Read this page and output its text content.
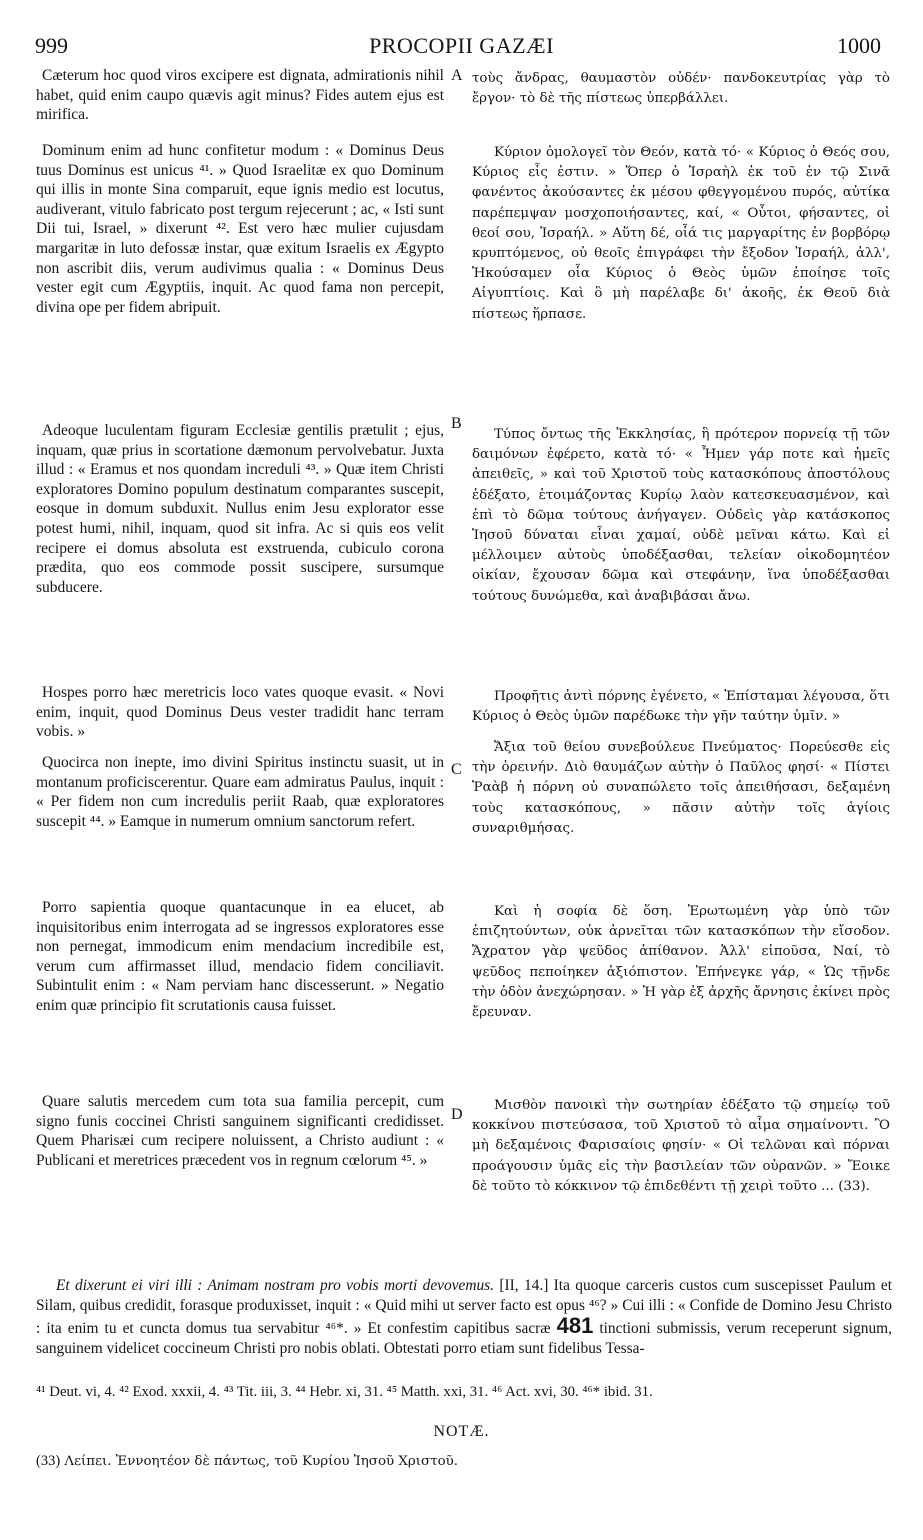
999	PROCOPII GAZÆI	1000
Cæterum hoc quod viros excipere est dignata, admirationis nihil habet, quid enim caupo quævis agit minus? Fides autem ejus est mirifica.
A τοὺς ἄνδρας, θαυμαστὸν οὐδέν· πανδοκευτρίας γὰρ τὸ ἔργον· τὸ δὲ τῆς πίστεως ὑπερβάλλει.
Dominum enim ad hunc confitetur modum : « Dominus Deus tuus Dominus est unicus ⁴¹. » Quod Israelitæ ex quo Dominum qui illis in monte Sina comparuit, eque ignis medio est locutus, audiverant, vitulo fabricato post tergum rejecerunt ; ac, « Isti sunt Dii tui, Israel, » dixerunt ⁴². Est vero hæc mulier cujusdam margaritæ in luto defossæ instar, quæ exitum Israelis ex Ægypto non ascribit diis, verum audivimus qualia : « Dominus Deus vester egit cum Ægyptiis, inquit. Ac quod fama non percepit, divina ope per fidem abripuit.
Κύριον ὁμολογεῖ τὸν Θεόν, κατὰ τό· « Κύριος ὁ Θεός σου, Κύριος εἷς ἐστιν. » Ὅπερ ὁ Ἰσραὴλ ἐκ τοῦ ἐν τῷ Σινᾶ φανέντος ἀκούσαντες ἐκ μέσου φθεγγομένου πυρός, αὐτίκα παρέπεμψαν μοσχοποιήσαντες, καί, « Οὗτοι, φήσαντες, οἱ θεοί σου, Ἰσραήλ. » Αὕτη δέ, οἷά τις μαργαρίτης ἐν βορβόρῳ κρυπτόμενος, οὐ θεοῖς ἐπιγράφει τὴν ἔξοδον Ἰσραήλ, ἀλλ', Ἠκούσαμεν οἷα Κύριος ὁ Θεὸς ὑμῶν ἐποίησε τοῖς Αἰγυπτίοις. Καὶ ὃ μὴ παρέλαβε δι' ἀκοῆς, ἐκ Θεοῦ διὰ πίστεως ἥρπασε.
Adeoque luculentam figuram Ecclesiæ gentilis prætulit ; ejus, inquam, quæ prius in scortatione dæmonum pervolvebatur. Juxta illud : « Eramus et nos quondam increduli ⁴³. » Quæ item Christi exploratores Domino populum destinatum comparantes suscepit, eosque in domum subduxit. Nullus enim Jesu explorator esse potest humi, nihil, inquam, quod sit infra. Ac si quis eos velit recipere ei domus absoluta est exstruenda, cubiculo corona prædita, quo eos commode possit suscipere, sursumque subducere.
B
Τύπος ὄντως τῆς Ἐκκλησίας, ἣ πρότερον πορνείᾳ τῇ τῶν δαιμόνων ἐφέρετο, κατὰ τό· « Ἦμεν γάρ ποτε καὶ ἡμεῖς ἀπειθεῖς, » καὶ τοῦ Χριστοῦ τοὺς κατασκόπους ἀποστόλους ἐδέξατο, ἑτοιμάζοντας Κυρίῳ λαὸν κατεσκευασμένον, καὶ ἐπὶ τὸ δῶμα τούτους ἀνήγαγεν. Οὐδεὶς γὰρ κατάσκοπος Ἰησοῦ δύναται εἶναι χαμαί, οὐδὲ μεῖναι κάτω. Καὶ εἰ μέλλοιμεν αὐτοὺς ὑποδέξασθαι, τελείαν οἰκοδομητέον οἰκίαν, ἔχουσαν δῶμα καὶ στεφάνην, ἵνα ὑποδέξασθαι τούτους δυνώμεθα, καὶ ἀναβιβάσαι ἄνω.
Hospes porro hæc meretricis loco vates quoque evasit. « Novi enim, inquit, quod Dominus Deus vester tradidit hanc terram vobis. »
Προφῆτις ἀντὶ πόρνης ἐγένετο, « Ἐπίσταμαι λέγουσα, ὅτι Κύριος ὁ Θεὸς ὑμῶν παρέδωκε τὴν γῆν ταύτην ὑμῖν. »
Quocirca non inepte, imo divini Spiritus instinctu suasit, ut in montanum proficiscerentur. Quare eam admiratus Paulus, inquit : « Per fidem non cum incredulis periit Raab, quæ exploratores suscepit ⁴⁴. » Eamque in numerum omnium sanctorum refert.
C
Ἄξια τοῦ θείου συνεβούλευε Πνεύματος· Πορεύεσθε εἰς τὴν ὀρεινήν. Διὸ θαυμάζων αὐτὴν ὁ Παῦλος φησί· « Πίστει Ῥαὰβ ἡ πόρνη οὐ συναπώλετο τοῖς ἀπειθήσασι, δεξαμένη τοὺς κατασκόπους, » πᾶσιν αὐτὴν τοῖς ἁγίοις συναριθμήσας.
Porro sapientia quoque quantacunque in ea elucet, ab inquisitoribus enim interrogata ad se ingressos exploratores esse non pernegat, immodicum enim mendacium incredibile est, verum cum affirmasset illud, mendacio fidem conciliavit. Subintulit enim : « Nam perviam hanc discesserunt. » Negatio enim quæ principio fit scrutationis causa fuisset.
Καὶ ἡ σοφία δὲ ὅση. Ἐρωτωμένη γὰρ ὑπὸ τῶν ἐπιζητούντων, οὐκ ἀρνεῖται τῶν κατασκόπων τὴν εἴσοδον. Ἄχρατον γὰρ ψεῦδος ἀπίθανον. Ἀλλ' εἰποῦσα, Ναί, τὸ ψεῦδος πεποίηκεν ἀξιόπιστον. Ἐπήνεγκε γάρ, « Ὡς τῇνδε τὴν ὁδὸν ἀνεχώρησαν. » Ἡ γὰρ ἐξ ἀρχῆς ἄρνησις ἐκίνει πρὸς ἔρευναν.
Quare salutis mercedem cum tota sua familia percepit, cum signo funis coccinei Christi sanguinem significanti credidisset. Quem Pharisæi cum recipere noluissent, a Christo audiunt : « Publicani et meretrices præcedent vos in regnum cœlorum ⁴⁵. »
D
Μισθὸν πανοικὶ τὴν σωτηρίαν ἐδέξατο τῷ σημείῳ τοῦ κοκκίνου πιστεύσασα, τοῦ Χριστοῦ τὸ αἷμα σημαίνοντι. Ὃ μὴ δεξαμένοις Φαρισαίοις φησίν· « Οἱ τελῶναι καὶ πόρναι προάγουσιν ὑμᾶς εἰς τὴν βασιλείαν τῶν οὐρανῶν. » Ἔοικε δὲ τοῦτο τὸ κόκκινον τῷ ἐπιδεθέντι τῇ χειρὶ τοῦτο ... (33).
Et dixerunt ei viri illi : Animam nostram pro vobis morti devovemus. [II, 14.] Ita quoque carceris custos cum suscepisset Paulum et Silam, quibus credidit, forasque produxisset, inquit : « Quid mihi ut server facto est opus ⁴⁶? » Cui illi : « Confide de Domino Jesu Christo : ita enim tu et cuncta domus tua servabitur ⁴⁶*. » Et confestim capitibus sacræ 481 tinctioni submissis, verum receperunt signum, sanguinem videlicet coccineum Christi pro nobis oblati. Obtestati porro etiam sunt fidelibus Tessa-
⁴¹ Deut. vi, 4. ⁴² Exod. xxxii, 4. ⁴³ Tit. iii, 3. ⁴⁴ Hebr. xi, 31. ⁴⁵ Matth. xxi, 31. ⁴⁶ Act. xvi, 30. ⁴⁶* ibid. 31.
NOTÆ.
(33) Λείπει. Ἐννοητέον δὲ πάντως, τοῦ Κυρίου Ἰησοῦ Χριστοῦ.
